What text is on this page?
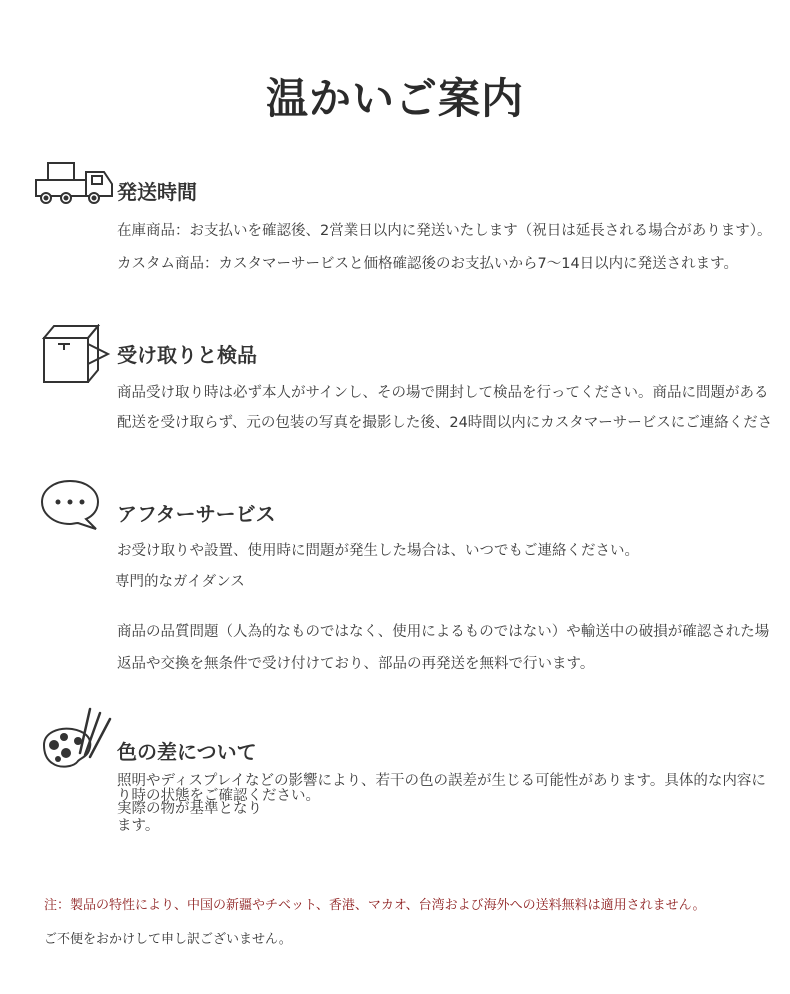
温かいご案内
発送時間

在庫商品：お支払いを確認後、2営業日以内に発送いたします（祝日は延長される場合があります）。

カスタム商品：カスタマーサービスと価格確認後のお支払いから7〜14日以内に発送されます。

受け取りと検品

商品受け取り時は必ず本人がサインし、その場で開封して検品を行ってください。商品に問題がある

配送を受け取らず、元の包装の写真を撮影した後、24時間以内にカスタマーサービスにご連絡くださ

アフターサービス

お受け取りや設置、使用時に問題が発生した場合は、いつでもご連絡ください。

専門的なガイダンス

商品の品質問題（人為的なものではなく、使用によるものではない）や輸送中の破損が確認された場

返品や交換を無条件で受け付けており、部品の再発送を無料で行います。

色の差について

照明やディスプレイなどの影響により、若干の色の誤差が生じる可能性があります。具体的な内容に

り時の状態をご確認ください。

実際の物が基準となり

ます。

注：製品の特性により、中国の新疆やチベット、香港、マカオ、台湾および海外への送料無料は適用されません。
ご不便をおかけして申し訳ございません。
